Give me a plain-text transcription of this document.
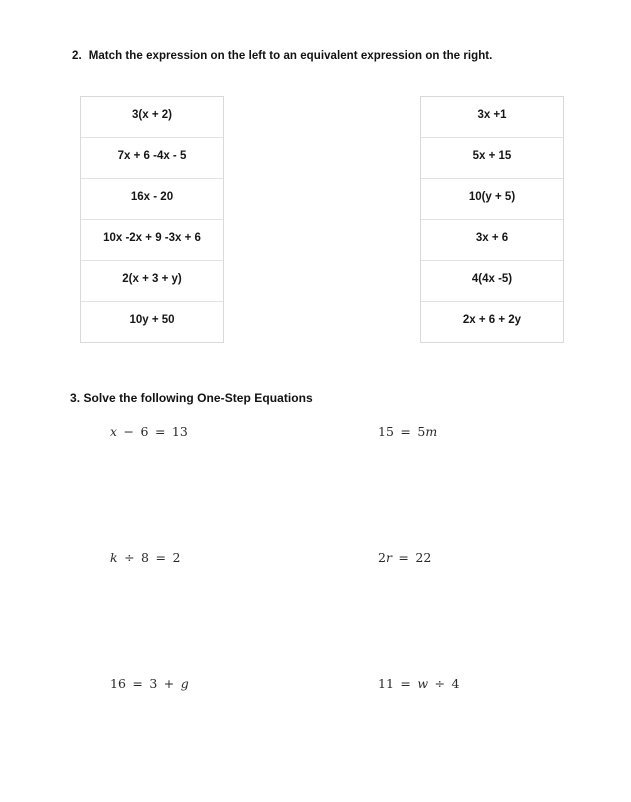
2. Match the expression on the left to an equivalent expression on the right.
3(x + 2)
7x + 6 -4x - 5
16x - 20
10x -2x + 9 -3x + 6
2(x + 3 + y)
10y + 50
3x +1
5x + 15
10(y + 5)
3x + 6
4(4x -5)
2x + 6 + 2y
3. Solve the following One-Step Equations
x − 6 = 13	15 = 5m
k ÷ 8 = 2	2r = 22
16 = 3 + g	11 = w ÷ 4
